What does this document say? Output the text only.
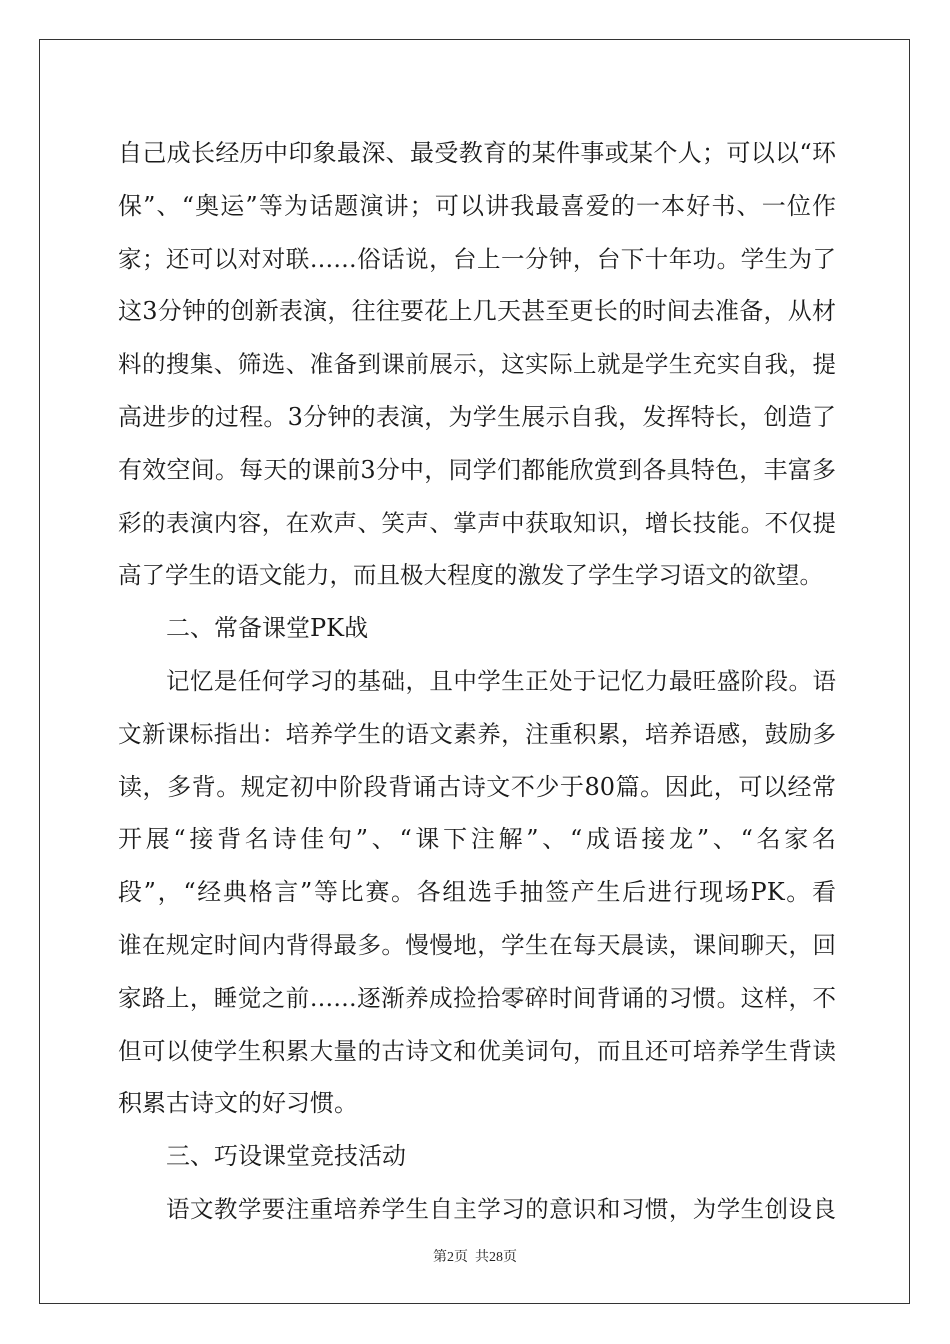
自己成长经历中印象最深、最受教育的某件事或某个人；可以以“环
保”、“奥运”等为话题演讲；可以讲我最喜爱的一本好书、一位作
家；还可以对对联……俗话说，台上一分钟，台下十年功。学生为了
这3分钟的创新表演，往往要花上几天甚至更长的时间去准备，从材
料的搜集、筛选、准备到课前展示，这实际上就是学生充实自我，提
高进步的过程。3分钟的表演，为学生展示自我，发挥特长，创造了
有效空间。每天的课前3分中，同学们都能欣赏到各具特色，丰富多
彩的表演内容，在欢声、笑声、掌声中获取知识，增长技能。不仅提
高了学生的语文能力，而且极大程度的激发了学生学习语文的欲望。
二、常备课堂PK战
记忆是任何学习的基础，且中学生正处于记忆力最旺盛阶段。语
文新课标指出：培养学生的语文素养，注重积累，培养语感，鼓励多
读，多背。规定初中阶段背诵古诗文不少于80篇。因此，可以经常
开展“接背名诗佳句”、“课下注解”、“成语接龙”、“名家名
段”，“经典格言”等比赛。各组选手抽签产生后进行现场PK。看
谁在规定时间内背得最多。慢慢地，学生在每天晨读，课间聊天，回
家路上，睡觉之前……逐渐养成捡拾零碎时间背诵的习惯。这样，不
但可以使学生积累大量的古诗文和优美词句，而且还可培养学生背读
积累古诗文的好习惯。
三、巧设课堂竞技活动
语文教学要注重培养学生自主学习的意识和习惯，为学生创设良
第2页  共28页
